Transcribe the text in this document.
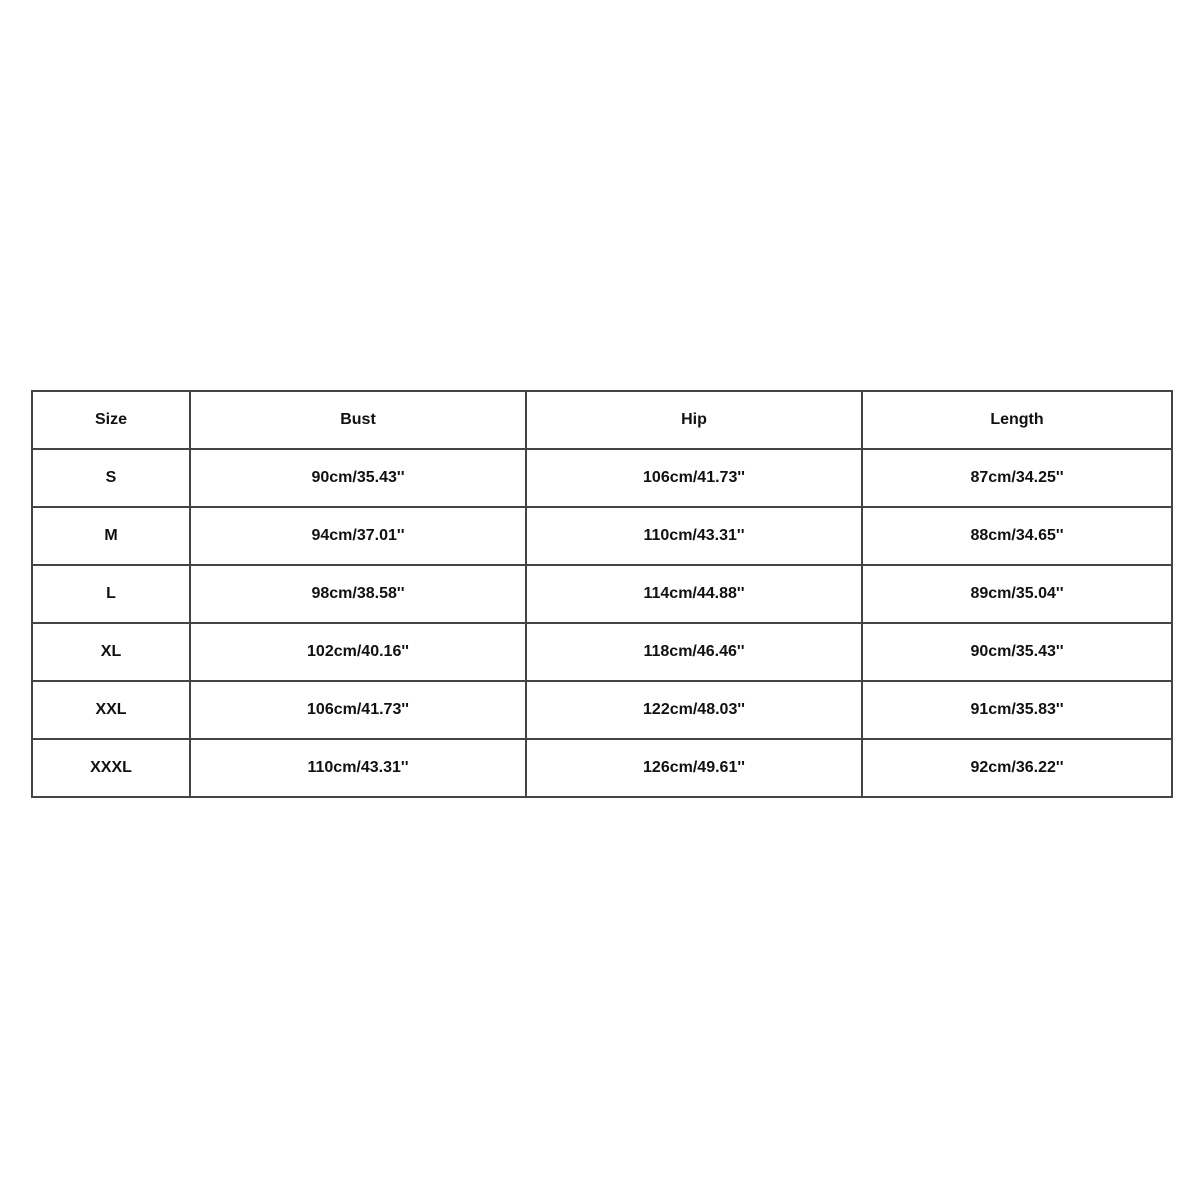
Size	Bust	Hip	Length
S	90cm/35.43''	106cm/41.73''	87cm/34.25''
M	94cm/37.01''	110cm/43.31''	88cm/34.65''
L	98cm/38.58''	114cm/44.88''	89cm/35.04''
XL	102cm/40.16''	118cm/46.46''	90cm/35.43''
XXL	106cm/41.73''	122cm/48.03''	91cm/35.83''
XXXL	110cm/43.31''	126cm/49.61''	92cm/36.22''
